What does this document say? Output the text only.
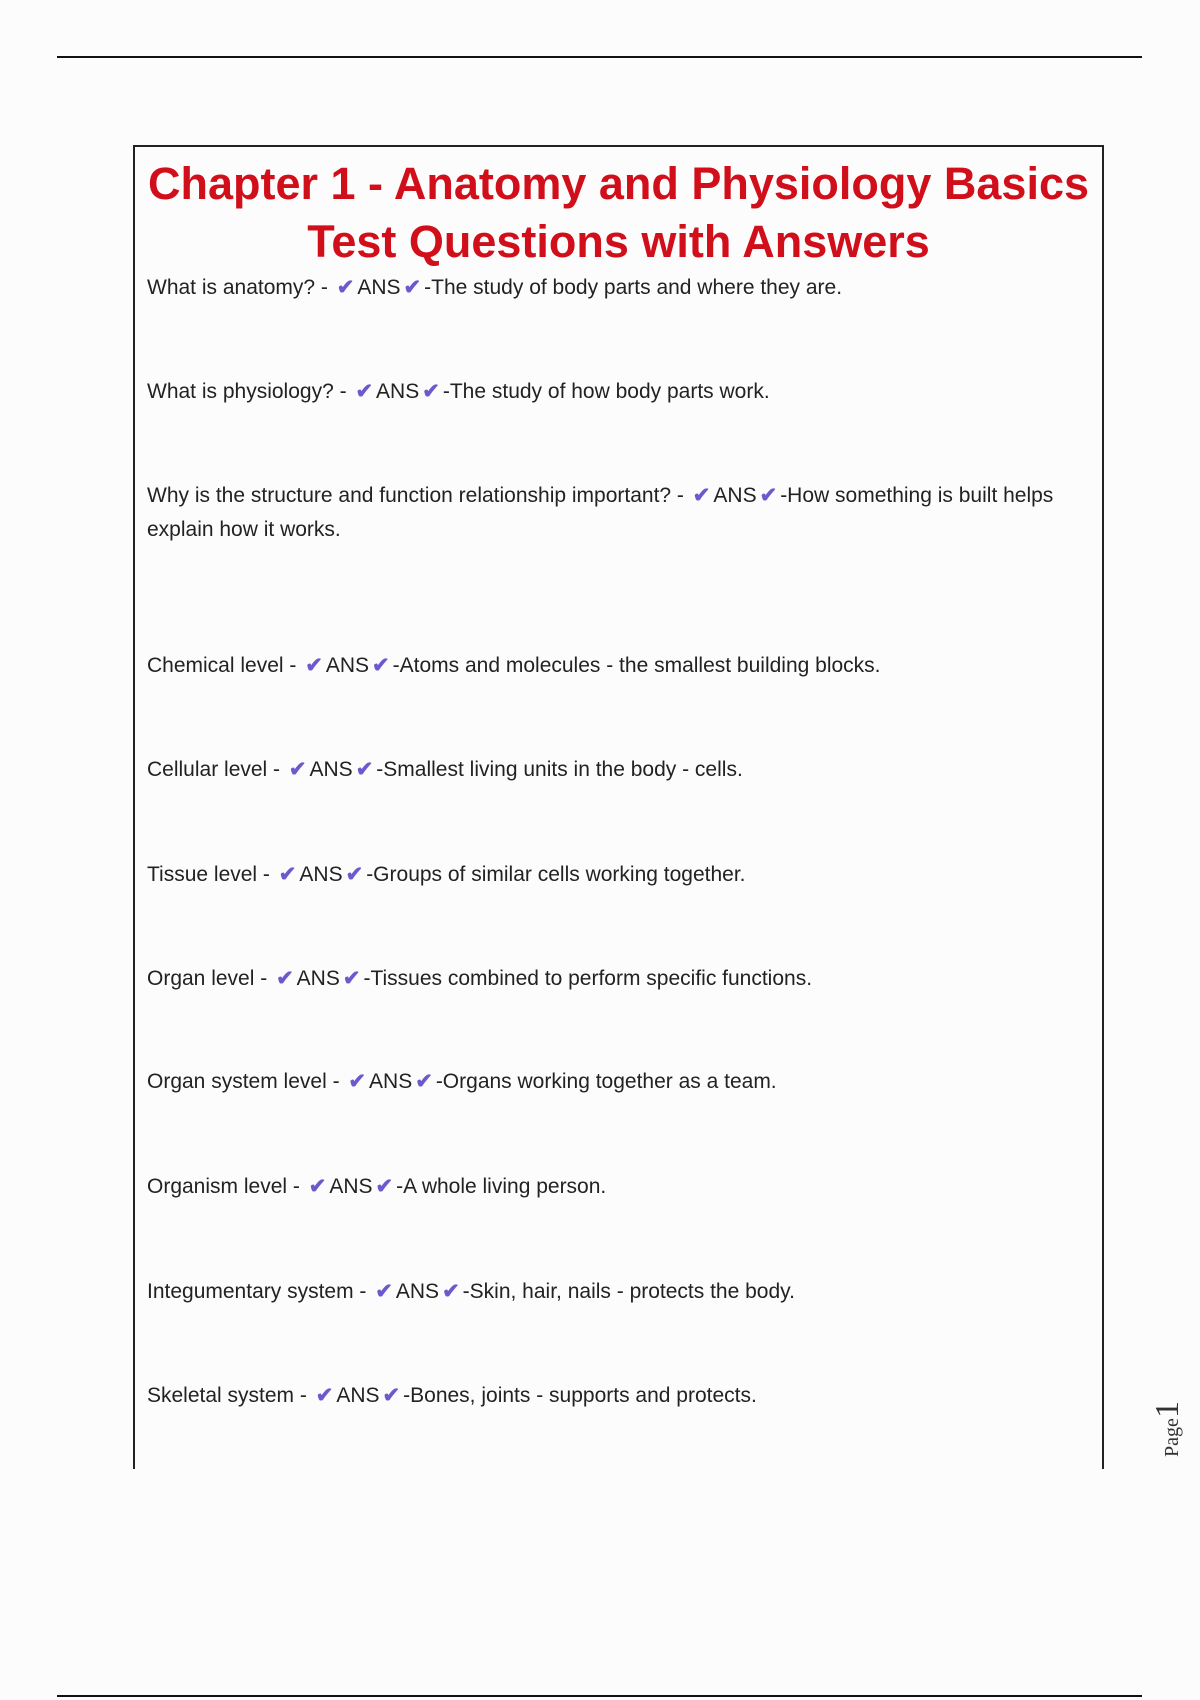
Chapter 1 - Anatomy and Physiology Basics
Test Questions with Answers
What is anatomy? - ✔ ANS ✔ -The study of body parts and where they are.
What is physiology? - ✔ ANS ✔ -The study of how body parts work.
Why is the structure and function relationship important? - ✔ ANS ✔ -How something is built helps explain how it works.
Chemical level - ✔ ANS ✔ -Atoms and molecules - the smallest building blocks.
Cellular level - ✔ ANS ✔ -Smallest living units in the body - cells.
Tissue level - ✔ ANS ✔ -Groups of similar cells working together.
Organ level - ✔ ANS ✔ -Tissues combined to perform specific functions.
Organ system level - ✔ ANS ✔ -Organs working together as a team.
Organism level - ✔ ANS ✔ -A whole living person.
Integumentary system - ✔ ANS ✔ -Skin, hair, nails - protects the body.
Skeletal system - ✔ ANS ✔ -Bones, joints - supports and protects.
Page1
